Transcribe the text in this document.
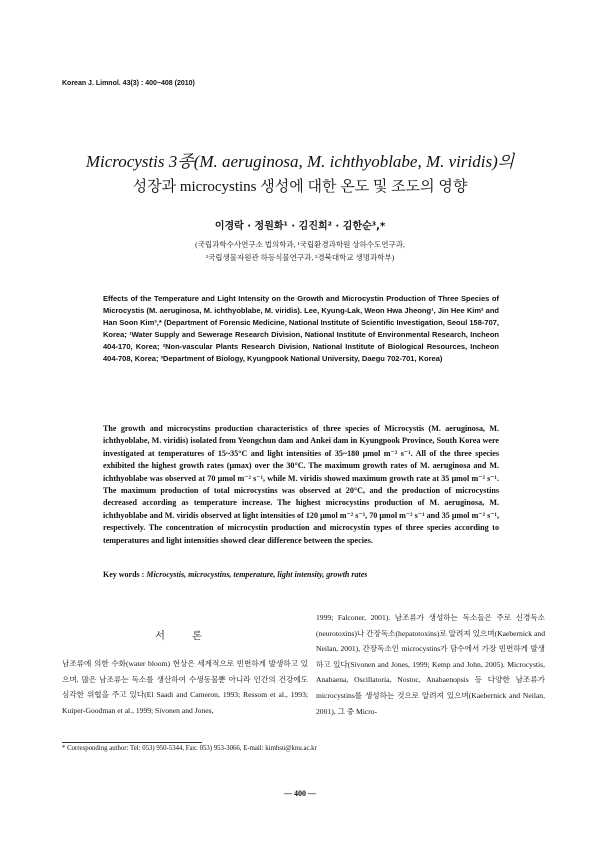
Korean J. Limnol. 43(3) : 400~408 (2010)
Microcystis 3종(M. aeruginosa, M. ichthyoblabe, M. viridis)의
성장과 microcystins 생성에 대한 온도 및 조도의 영향
이경락 · 정원화¹ · 김진희² · 김한순³,*
(국립과학수사연구소 법의학과, ¹국립환경과학원 상하수도연구과,
²국립생물자원관 하등식물연구과, ³경북대학교 생명과학부)
Effects of the Temperature and Light Intensity on the Growth and Microcystin Production of Three Species of Microcystis (M. aeruginosa, M. ichthyoblabe, M. viridis). Lee, Kyung-Lak, Weon Hwa Jheong¹, Jin Hee Kim² and Han Soon Kim³,* (Department of Forensic Medicine, National Institute of Scientific Investigation, Seoul 158-707, Korea; ¹Water Supply and Sewerage Research Division, National Institute of Environmental Research, Incheon 404-170, Korea; ²Non-vascular Plants Research Division, National Institute of Biological Resources, Incheon 404-708, Korea; ³Department of Biology, Kyungpook National University, Daegu 702-701, Korea)
The growth and microcystins production characteristics of three species of Microcystis (M. aeruginosa, M. ichthyoblabe, M. viridis) isolated from Yeongchun dam and Ankei dam in Kyungpook Province, South Korea were investigated at temperatures of 15~35°C and light intensities of 35~180 μmol m⁻² s⁻¹. All of the three species exhibited the highest growth rates (μmax) over the 30°C. The maximum growth rates of M. aeruginosa and M. ichthyoblabe was observed at 70 μmol m⁻² s⁻¹, while M. viridis showed maximum growth rate at 35 μmol m⁻² s⁻¹. The maximum production of total microcystins was observed at 20°C, and the production of microcystins decreased according as temperature increase. The highest microcystins production of M. aeruginosa, M. ichthyoblabe and M. viridis observed at light intensities of 120 μmol m⁻² s⁻¹, 70 μmol m⁻² s⁻¹ and 35 μmol m⁻² s⁻¹, respectively. The concentration of microcystin production and microcystin types of three species according to temperatures and light intensities showed clear difference between the species.
Key words : Microcystis, microcystins, temperature, light intensity, growth rates
서 론
남조류에 의한 수화(water bloom) 현상은 세계적으로 빈번하게 발생하고 있으며, 많은 남조류는 독소를 생산하여 수생동물뿐 아니라 인간의 건강에도 심각한 위협을 주고 있다(El Saadi and Cameron, 1993; Ressom et al., 1993; Kuiper-Goodman et al., 1999; Sivonen and Jones,
1999; Falconer, 2001). 남조류가 생성하는 독소들은 주로 신경독소(neurotoxins)나 간장독소(hepatotoxins)로 알려져 있으며(Kaebernick and Neilan, 2001), 간장독소인 microcystins가 담수에서 가장 빈번하게 발생하고 있다(Sivonen and Jones, 1999; Kemp and John, 2005). Microcystis, Anabaena, Oscillatoria, Nostoc, Anabaenopsis 등 다양한 남조류가 microcystins를 생성하는 것으로 알려져 있으며(Kaebernick and Neilan, 2001), 그 중 Micro-
* Corresponding author: Tel: 053) 950-5344, Fax: 053) 953-3066, E-mail: kimhsu@knu.ac.kr
— 400 —
